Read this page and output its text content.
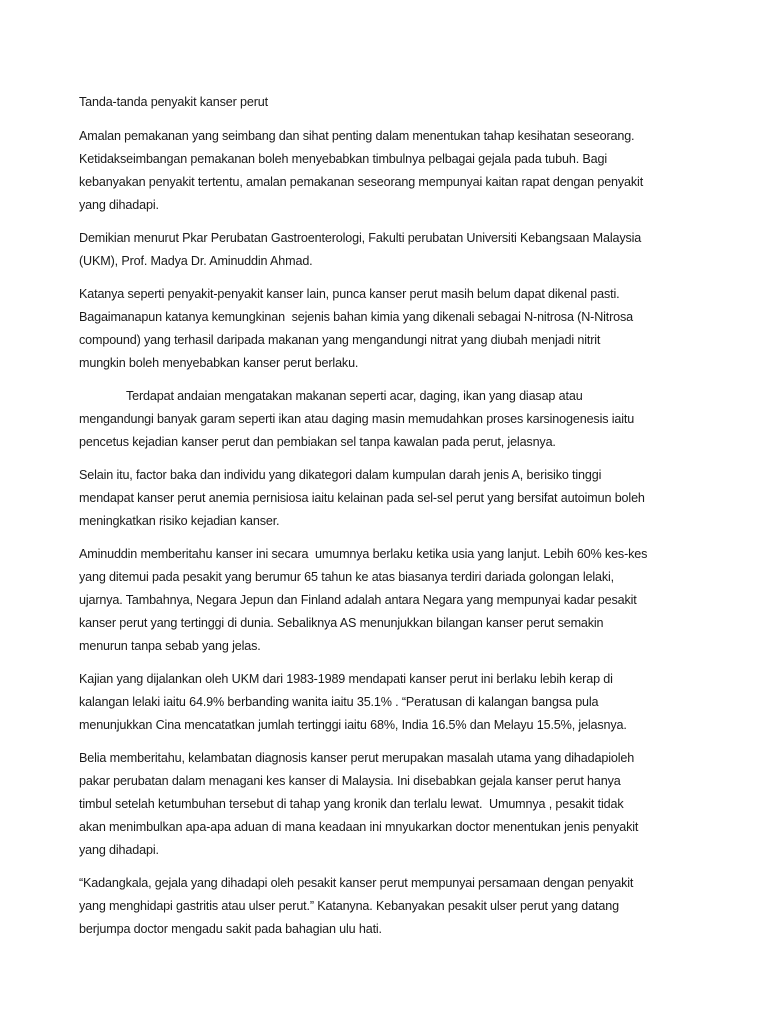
Tanda-tanda penyakit kanser perut
Amalan pemakanan yang seimbang dan sihat penting dalam menentukan tahap kesihatan seseorang.
Ketidakseimbangan pemakanan boleh menyebabkan timbulnya pelbagai gejala pada tubuh. Bagi
kebanyakan penyakit tertentu, amalan pemakanan seseorang mempunyai kaitan rapat dengan penyakit
yang dihadapi.
Demikian menurut Pkar Perubatan Gastroenterologi, Fakulti perubatan Universiti Kebangsaan Malaysia
(UKM), Prof. Madya Dr. Aminuddin Ahmad.
Katanya seperti penyakit-penyakit kanser lain, punca kanser perut masih belum dapat dikenal pasti.
Bagaimanapun katanya kemungkinan  sejenis bahan kimia yang dikenali sebagai N-nitrosa (N-Nitrosa
compound) yang terhasil daripada makanan yang mengandungi nitrat yang diubah menjadi nitrit
mungkin boleh menyebabkan kanser perut berlaku.
Terdapat andaian mengatakan makanan seperti acar, daging, ikan yang diasap atau
mengandungi banyak garam seperti ikan atau daging masin memudahkan proses karsinogenesis iaitu
pencetus kejadian kanser perut dan pembiakan sel tanpa kawalan pada perut, jelasnya.
Selain itu, factor baka dan individu yang dikategori dalam kumpulan darah jenis A, berisiko tinggi
mendapat kanser perut anemia pernisiosa iaitu kelainan pada sel-sel perut yang bersifat autoimun boleh
meningkatkan risiko kejadian kanser.
Aminuddin memberitahu kanser ini secara  umumnya berlaku ketika usia yang lanjut. Lebih 60% kes-kes
yang ditemui pada pesakit yang berumur 65 tahun ke atas biasanya terdiri dariada golongan lelaki,
ujarnya. Tambahnya, Negara Jepun dan Finland adalah antara Negara yang mempunyai kadar pesakit
kanser perut yang tertinggi di dunia. Sebaliknya AS menunjukkan bilangan kanser perut semakin
menurun tanpa sebab yang jelas.
Kajian yang dijalankan oleh UKM dari 1983-1989 mendapati kanser perut ini berlaku lebih kerap di
kalangan lelaki iaitu 64.9% berbanding wanita iaitu 35.1% . “Peratusan di kalangan bangsa pula
menunjukkan Cina mencatatkan jumlah tertinggi iaitu 68%, India 16.5% dan Melayu 15.5%, jelasnya.
Belia memberitahu, kelambatan diagnosis kanser perut merupakan masalah utama yang dihadapioleh
pakar perubatan dalam menagani kes kanser di Malaysia. Ini disebabkan gejala kanser perut hanya
timbul setelah ketumbuhan tersebut di tahap yang kronik dan terlalu lewat.  Umumnya , pesakit tidak
akan menimbulkan apa-apa aduan di mana keadaan ini mnyukarkan doctor menentukan jenis penyakit
yang dihadapi.
“Kadangkala, gejala yang dihadapi oleh pesakit kanser perut mempunyai persamaan dengan penyakit
yang menghidapi gastritis atau ulser perut.” Katanyna. Kebanyakan pesakit ulser perut yang datang
berjumpa doctor mengadu sakit pada bahagian ulu hati.
